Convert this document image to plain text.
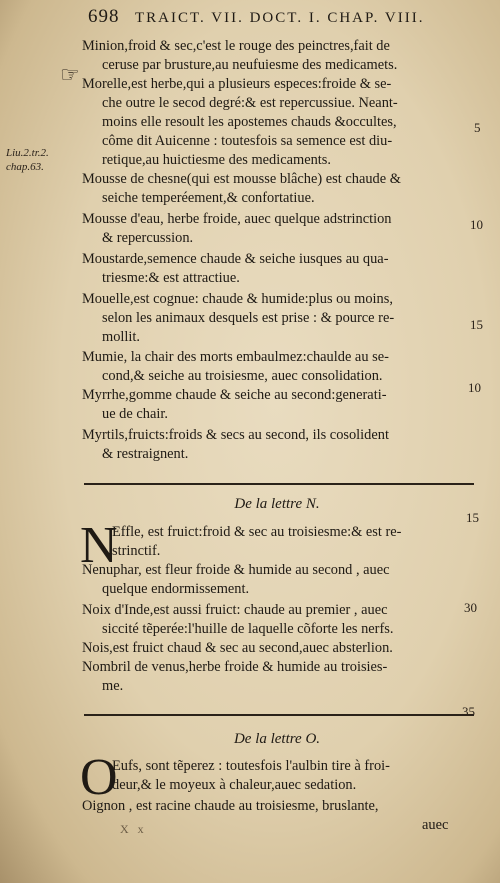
698 TRAICT. VII. DOCT. I. CHAP. VIII.
☞
Liu.2.tr.2.
chap.63.
Minion,froid & sec,c'est le rouge des peinctres,fait de
ceruse par brusture,au neufuiesme des medicamets.
Morelle,est herbe,qui a plusieurs especes:froide & se-
che outre le secod degré:& est repercussiue. Neant-
moins elle resoult les apostemes chauds &occultes,
côme dit Auicenne : toutesfois sa semence est diu-
retique,au huictiesme des medicaments.
Mousse de chesne(qui est mousse blâche) est chaude &
seiche temperéement,& confortatiue.
Mousse d'eau, herbe froide, auec quelque adstrinction
& repercussion.
Moustarde,semence chaude & seiche iusques au qua-
triesme:& est attractiue.
Mouelle,est cognue: chaude & humide:plus ou moins,
selon les animaux desquels est prise : & pource re-
mollit.
Mumie, la chair des morts embaulmez:chaulde au se-
cond,& seiche au troisiesme, auec consolidation.
Myrrhe,gomme chaude & seiche au second:generati-
ue de chair.
Myrtils,fruicts:froids & secs au second, ils cosolident
& restraignent.
5
10
15
10
De la lettre N.
15
N
Effle, est fruict:froid & sec au troisiesme:& est re-
strinctif.
Nenuphar, est fleur froide & humide au second , auec
quelque endormissement.
Noix d'Inde,est aussi fruict: chaude au premier , auec
siccité tẽperée:l'huille de laquelle cõforte les nerfs.
Nois,est fruict chaud & sec au second,auec absterlion.
Nombril de venus,herbe froide & humide au troisies-
me.
30
35
De la lettre O.
O
Eufs, sont tẽperez : toutesfois l'aulbin tire à froi-
deur,& le moyeux à chaleur,auec sedation.
Oignon , est racine chaude au troisiesme, bruslante,
auec
X x
